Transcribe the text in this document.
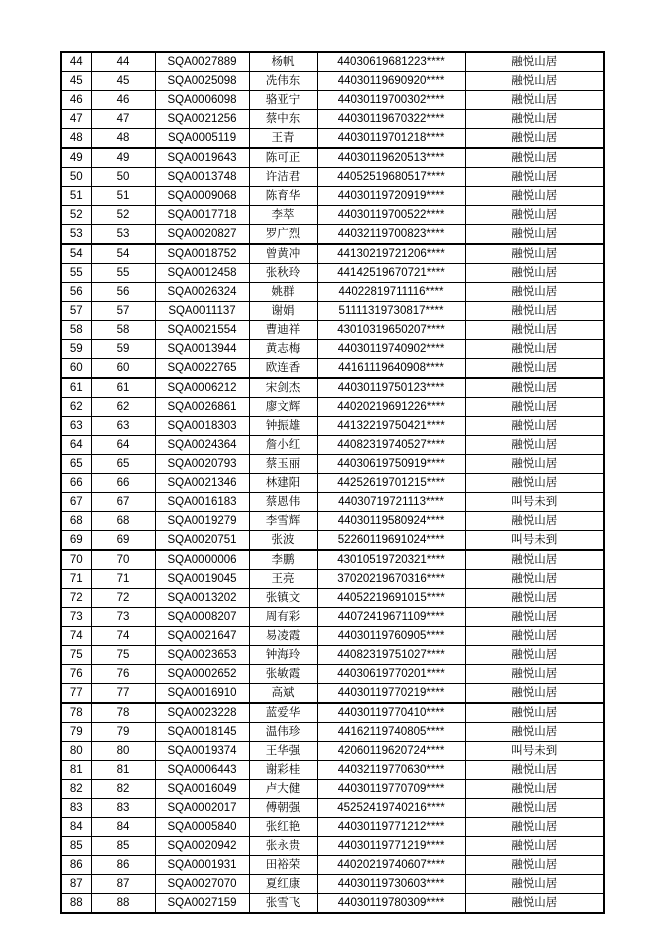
44	44	SQA0027889	杨帆	44030619681223****	融悦山居
45	45	SQA0025098	冼伟东	44030119690920****	融悦山居
46	46	SQA0006098	骆亚宁	44030119700302****	融悦山居
47	47	SQA0021256	蔡中东	44030119670322****	融悦山居
48	48	SQA0005119	王青	44030119701218****	融悦山居
49	49	SQA0019643	陈可正	44030119620513****	融悦山居
50	50	SQA0013748	许洁君	44052519680517****	融悦山居
51	51	SQA0009068	陈育华	44030119720919****	融悦山居
52	52	SQA0017718	李萃	44030119700522****	融悦山居
53	53	SQA0020827	罗广烈	44032119700823****	融悦山居
54	54	SQA0018752	曾黄冲	44130219721206****	融悦山居
55	55	SQA0012458	张秋玲	44142519670721****	融悦山居
56	56	SQA0026324	姚群	44022819711116****	融悦山居
57	57	SQA0011137	谢娟	51111319730817****	融悦山居
58	58	SQA0021554	曹迪祥	43010319650207****	融悦山居
59	59	SQA0013944	黄志梅	44030119740902****	融悦山居
60	60	SQA0022765	欧连香	44161119640908****	融悦山居
61	61	SQA0006212	宋剑杰	44030119750123****	融悦山居
62	62	SQA0026861	廖文辉	44020219691226****	融悦山居
63	63	SQA0018303	钟振雄	44132219750421****	融悦山居
64	64	SQA0024364	詹小红	44082319740527****	融悦山居
65	65	SQA0020793	蔡玉丽	44030619750919****	融悦山居
66	66	SQA0021346	林建阳	44252619701215****	融悦山居
67	67	SQA0016183	蔡恩伟	44030719721113****	叫号未到
68	68	SQA0019279	李雪辉	44030119580924****	融悦山居
69	69	SQA0020751	张波	52260119691024****	叫号未到
70	70	SQA0000006	李鹏	43010519720321****	融悦山居
71	71	SQA0019045	王亮	37020219670316****	融悦山居
72	72	SQA0013202	张镇文	44052219691015****	融悦山居
73	73	SQA0008207	周有彩	44072419671109****	融悦山居
74	74	SQA0021647	易凌霞	44030119760905****	融悦山居
75	75	SQA0023653	钟海玲	44082319751027****	融悦山居
76	76	SQA0002652	张敏霞	44030619770201****	融悦山居
77	77	SQA0016910	高斌	44030119770219****	融悦山居
78	78	SQA0023228	蓝爱华	44030119770410****	融悦山居
79	79	SQA0018145	温伟珍	44162119740805****	融悦山居
80	80	SQA0019374	王华强	42060119620724****	叫号未到
81	81	SQA0006443	谢彩桂	44032119770630****	融悦山居
82	82	SQA0016049	卢大健	44030119770709****	融悦山居
83	83	SQA0002017	傅朝强	45252419740216****	融悦山居
84	84	SQA0005840	张红艳	44030119771212****	融悦山居
85	85	SQA0020942	张永贵	44030119771219****	融悦山居
86	86	SQA0001931	田裕荣	44020219740607****	融悦山居
87	87	SQA0027070	夏红康	44030119730603****	融悦山居
88	88	SQA0027159	张雪飞	44030119780309****	融悦山居
